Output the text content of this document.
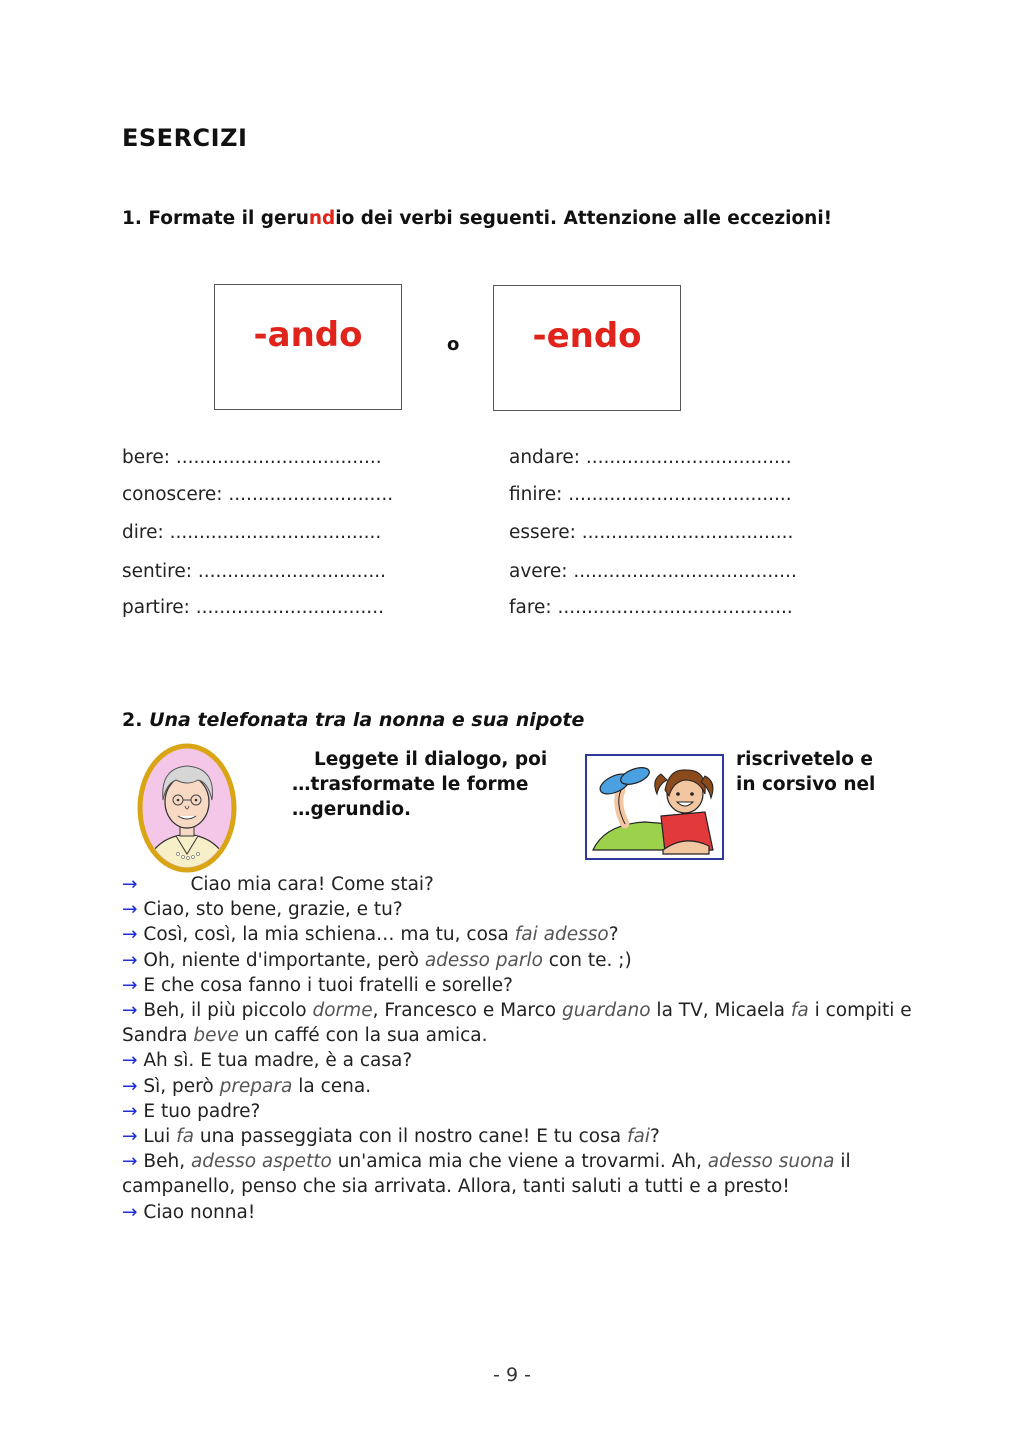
ESERCIZI
1. Formate il gerundio dei verbi seguenti. Attenzione alle eccezioni!
-ando	o	-endo
bere: ...................................
conoscere: ............................
dire: ....................................
sentire: ................................
partire: ................................
andare: ...................................
finire: ......................................
essere: ....................................
avere: ......................................
fare: ........................................
2. Una telefonata tra la nonna e sua nipote
Leggete il dialogo, poi
…trasformate le forme
…gerundio.
riscrivetelo e
in corsivo nel

→         Ciao mia cara! Come stai?

→ Ciao, sto bene, grazie, e tu?

→ Così, così, la mia schiena… ma tu, cosa fai adesso?

→ Oh, niente d'importante, però adesso parlo con te. ;)

→ E che cosa fanno i tuoi fratelli e sorelle?

→ Beh, il più piccolo dorme, Francesco e Marco guardano la TV, Micaela fa i compiti e Sandra beve un caffé con la sua amica.

→ Ah sì. E tua madre, è a casa?

→ Sì, però prepara la cena.

→ E tuo padre?

→ Lui fa una passeggiata con il nostro cane! E tu cosa fai?

→ Beh, adesso aspetto un'amica mia che viene a trovarmi. Ah, adesso suona il campanello, penso che sia arrivata. Allora, tanti saluti a tutti e a presto!

→ Ciao nonna!

- 9 -
